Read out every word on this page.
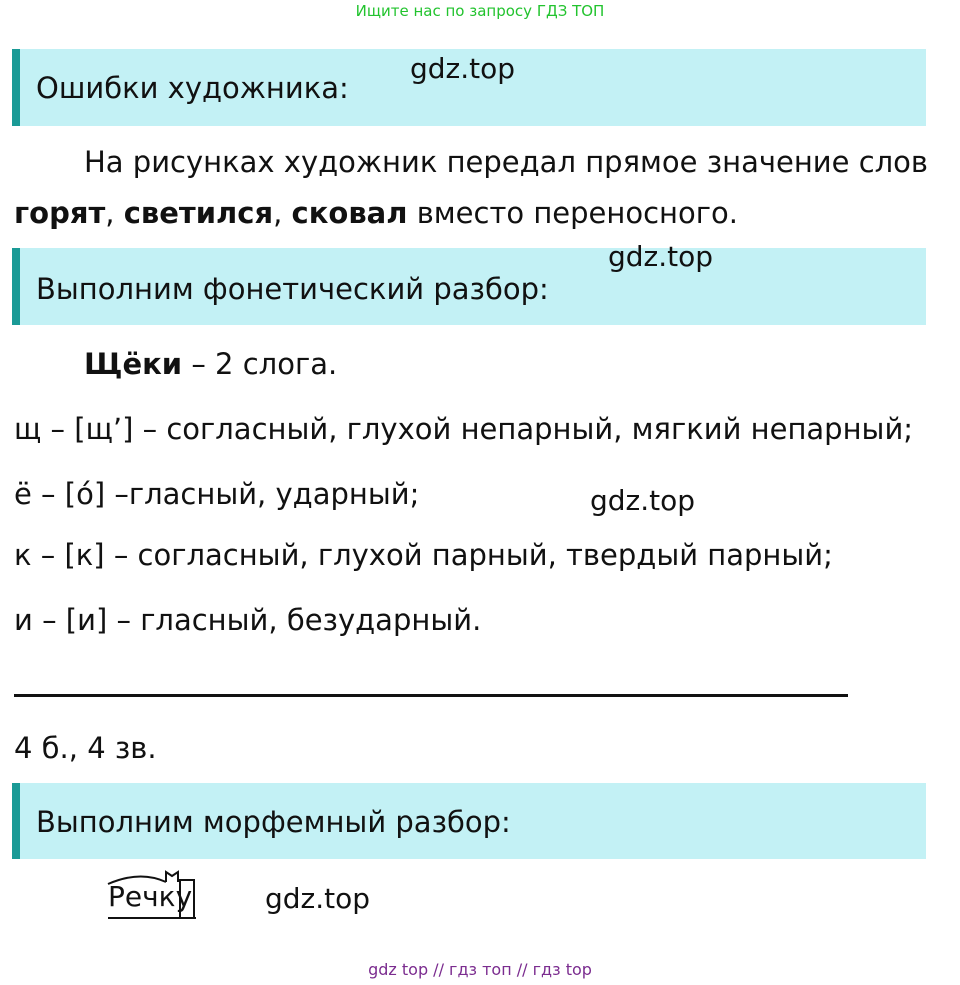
Ищите нас по запросу ГДЗ ТОП
Ошибки художника:
gdz.top
На рисунках художник передал прямое значение слов
горят, светился, сковал вместо переносного.
Выполним фонетический разбор:
gdz.top
Щёки – 2 слога.
щ – [щ’] – согласный, глухой непарный, мягкий непарный;
ё – [ó] –гласный, ударный;	gdz.top
к – [к] – согласный, глухой парный, твердый парный;
и – [и] – гласный, безударный.
4 б., 4 зв.
Выполним морфемный разбор:
Речку	gdz.top
gdz top // гдз топ // гдз top
